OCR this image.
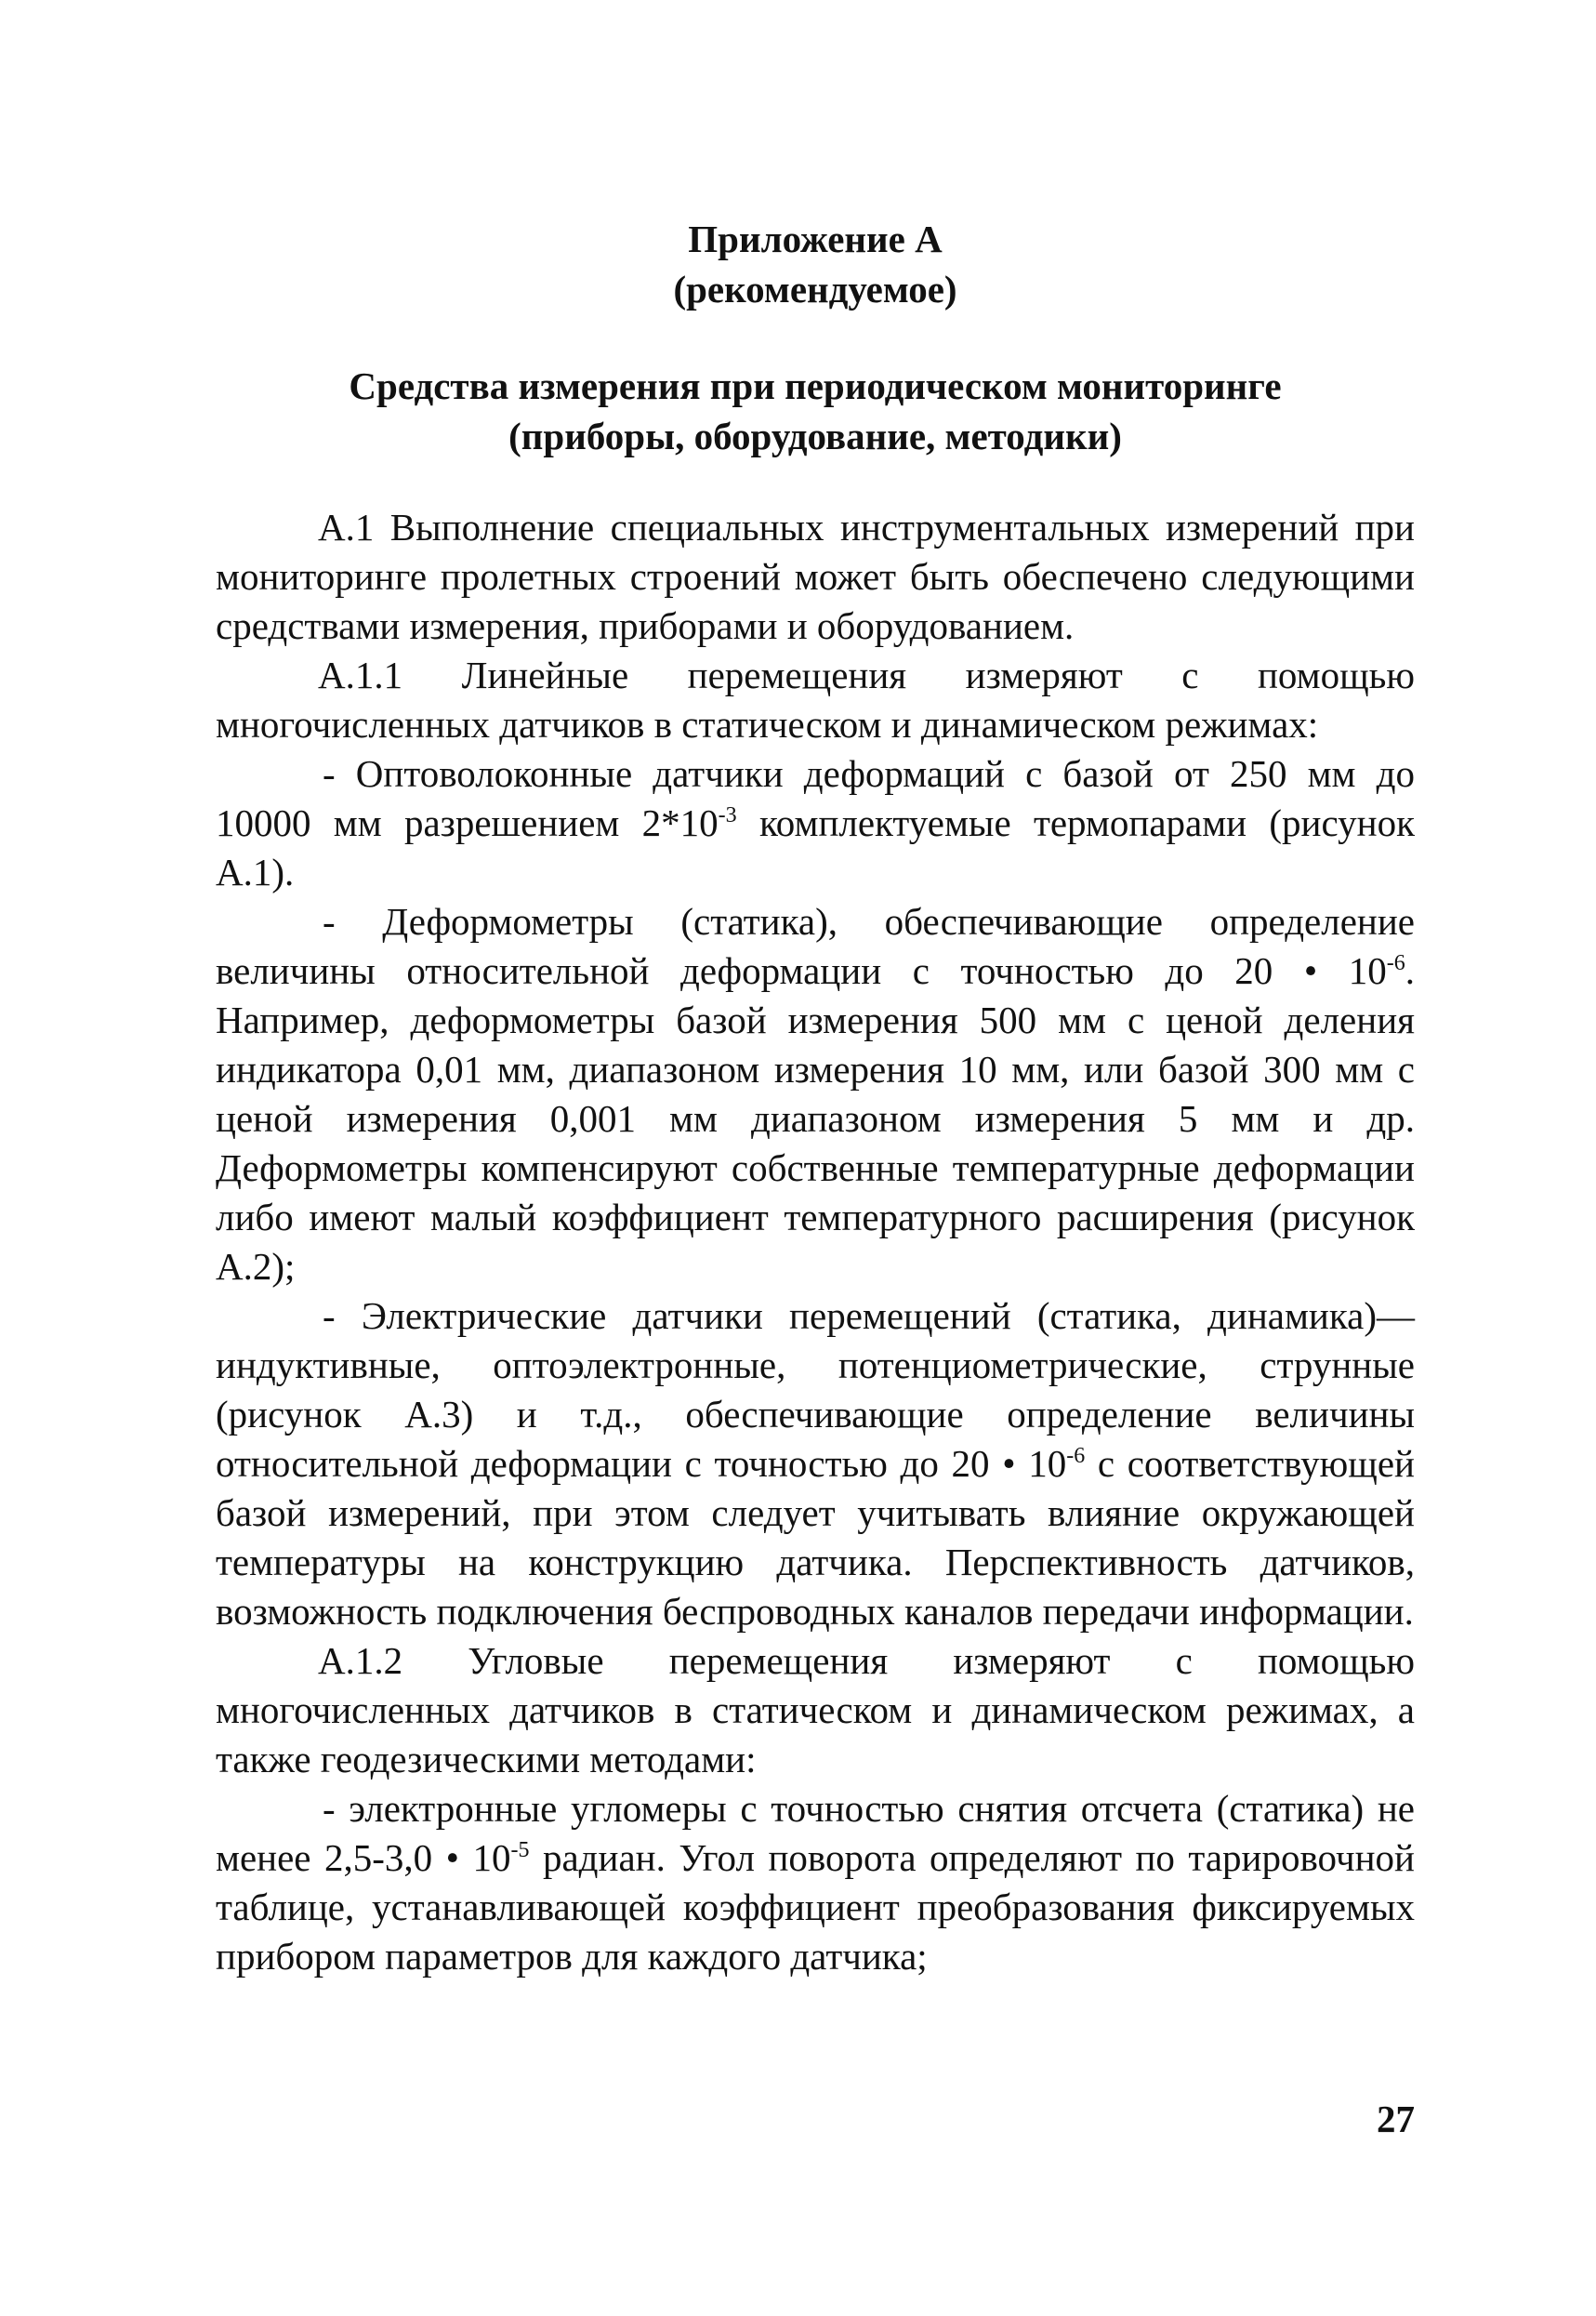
Приложение А

(рекомендуемое)

Средства измерения при периодическом мониторинге

(приборы, оборудование, методики)

А.1 Выполнение специальных инструментальных измерений при мониторинге пролетных строений может быть обеспечено следующими средствами измерения, приборами и оборудованием.

А.1.1 Линейные перемещения измеряют с помощью многочисленных датчиков в статическом и динамическом режимах:

- Оптоволоконные датчики деформаций с базой от 250 мм до 10000 мм разрешением $2*10^{-3}$ комплектуемые термопарами (рисунок А.1).

- Деформометры (статика), обеспечивающие определение величины относительной деформации с точностью до 20 • $10^{-6}$. Например, деформометры базой измерения 500 мм с ценой деления индикатора 0,01 мм, диапазоном измерения 10 мм, или базой 300 мм с ценой измерения 0,001 мм диапазоном измерения 5 мм и др. Деформометры компенсируют собственные температурные деформации либо имеют малый коэффициент температурного расширения (рисунок А.2);

- Электрические датчики перемещений (статика, динамика)— индуктивные, оптоэлектронные, потенциометрические, струнные (рисунок А.3) и т.д., обеспечивающие определение величины относительной деформации с точностью до 20 • $10^{-6}$ с соответствующей базой измерений, при этом следует учитывать влияние окружающей температуры на конструкцию датчика. Перспективность датчиков, возможность подключения беспроводных каналов передачи информации.

А.1.2 Угловые перемещения измеряют с помощью многочисленных датчиков в статическом и динамическом режимах, а также геодезическими методами:

- электронные угломеры с точностью снятия отсчета (статика) не менее 2,5-3,0 • $10^{-5}$ радиан. Угол поворота определяют по тарировочной таблице, устанавливающей коэффициент преобразования фиксируемых прибором параметров для каждого датчика;

27
